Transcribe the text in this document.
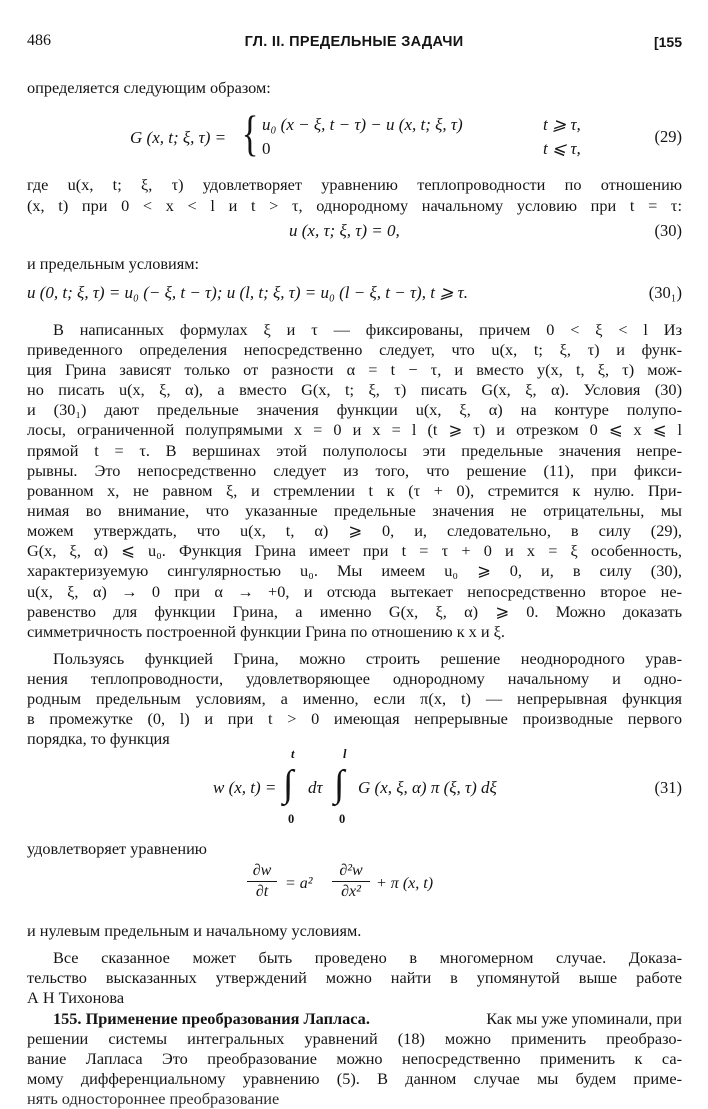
486	ГЛ. II. ПРЕДЕЛЬНЫЕ ЗАДАЧИ	[155
определяется следующим образом:
G (x, t; ξ, τ) = { u₀ (x − ξ, t − τ) − u (x, t; ξ, τ)	t ⩾ τ,
0	t ⩽ τ,
(29)
где u(x, t; ξ, τ) удовлетворяет уравнению теплопроводности по отношению
(x, t) при 0 < x < l и t > τ, однородному начальному условию при t = τ:
u (x, τ; ξ, τ) = 0,	(30)
и предельным условиям:
u (0, t; ξ, τ) = u₀ (− ξ, t − τ); u (l, t; ξ, τ) = u₀ (l − ξ, t − τ), t ⩾ τ.	(30₁)
В написанных формулах ξ и τ — фиксированы, причем 0 < ξ < l Из
приведенного определения непосредственно следует, что u(x, t; ξ, τ) и функ-
ция Грина зависят только от разности α = t − τ, и вместо y(x, t, ξ, τ) мож-
но писать u(x, ξ, α), а вместо G(x, t; ξ, τ) писать G(x, ξ, α). Условия (30)
и (30₁) дают предельные значения функции u(x, ξ, α) на контуре полупо-
лосы, ограниченной полупрямыми x = 0 и x = l (t ⩾ τ) и отрезком 0 ⩽ x ⩽ l
прямой t = τ. В вершинах этой полуполосы эти предельные значения непре-
рывны. Это непосредственно следует из того, что решение (11), при фикси-
рованном x, не равном ξ, и стремлении t к (τ + 0), стремится к нулю. При-
нимая во внимание, что указанные предельные значения не отрицательны, мы
можем утверждать, что u(x, t, α) ⩾ 0, и, следовательно, в силу (29),
G(x, ξ, α) ⩽ u₀. Функция Грина имеет при t = τ + 0 и x = ξ особенность,
характеризуемую сингулярностью u₀. Мы имеем u₀ ⩾ 0, и, в силу (30),
u(x, ξ, α) → 0 при α → +0, и отсюда вытекает непосредственно второе не-
равенство для функции Грина, а именно G(x, ξ, α) ⩾ 0. Можно доказать
симметричность построенной функции Грина по отношению к x и ξ.
Пользуясь функцией Грина, можно строить решение неоднородного урав-
нения теплопроводности, удовлетворяющее однородному начальному и одно-
родным предельным условиям, а именно, если π(x, t) — непрерывная функция
в промежутке (0, l) и при t > 0 имеющая непрерывные производные первого
порядка, то функция
w (x, t) =
t
∫
0
dτ
l
∫
0
G (x, ξ, α) π (ξ, τ) dξ	(31)
удовлетворяет уравнению
$\frac{\partial w}{\partial t} = a^2 \frac{\text{∂²w}}{\text{∂x²}} + \pi$ (x, t)
и нулевым предельным и начальному условиям.
Все сказанное может быть проведено в многомерном случае. Доказа-
тельство высказанных утверждений можно найти в упомянутой выше работе
А Н Тихонова
155. Применение преобразования Лапласа.	Как мы уже упоминали, при
решении системы интегральных уравнений (18) можно применить преобразо-
вание Лапласа Это преобразование можно непосредственно применить к са-
мому дифференциальному уравнению (5). В данном случае мы будем приме-
нять одностороннее преобразование
